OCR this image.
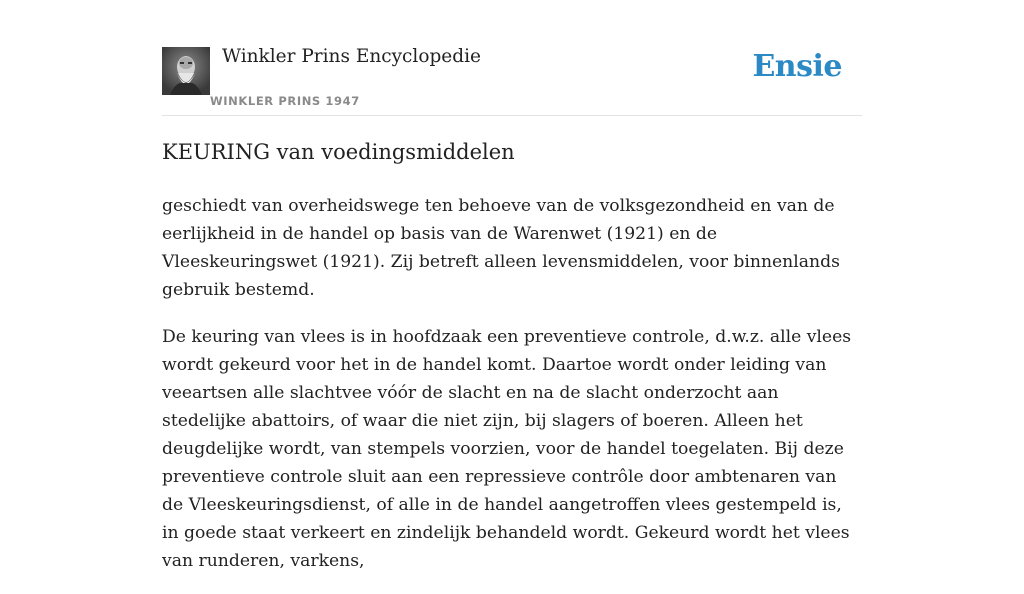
Winkler Prins Encyclopedie
WINKLER PRINS 1947
Ensie
KEURING van voedingsmiddelen

geschiedt van overheidswege ten behoeve van de volksgezondheid en van de eerlijkheid in de handel op basis van de Warenwet (1921) en de Vleeskeuringswet (1921). Zij betreft alleen levensmiddelen, voor binnenlands gebruik bestemd.

De keuring van vlees is in hoofdzaak een preventieve controle, d.w.z. alle vlees wordt gekeurd voor het in de handel komt. Daartoe wordt onder leiding van veeartsen alle slachtvee vóór de slacht en na de slacht onderzocht aan stedelijke abattoirs, of waar die niet zijn, bij slagers of boeren. Alleen het deugdelijke wordt, van stempels voorzien, voor de handel toegelaten. Bij deze preventieve controle sluit aan een repressieve contrôle door ambtenaren van de Vleeskeuringsdienst, of alle in de handel aangetroffen vlees gestempeld is, in goede staat verkeert en zindelijk behandeld wordt. Gekeurd wordt het vlees van runderen, varkens,
